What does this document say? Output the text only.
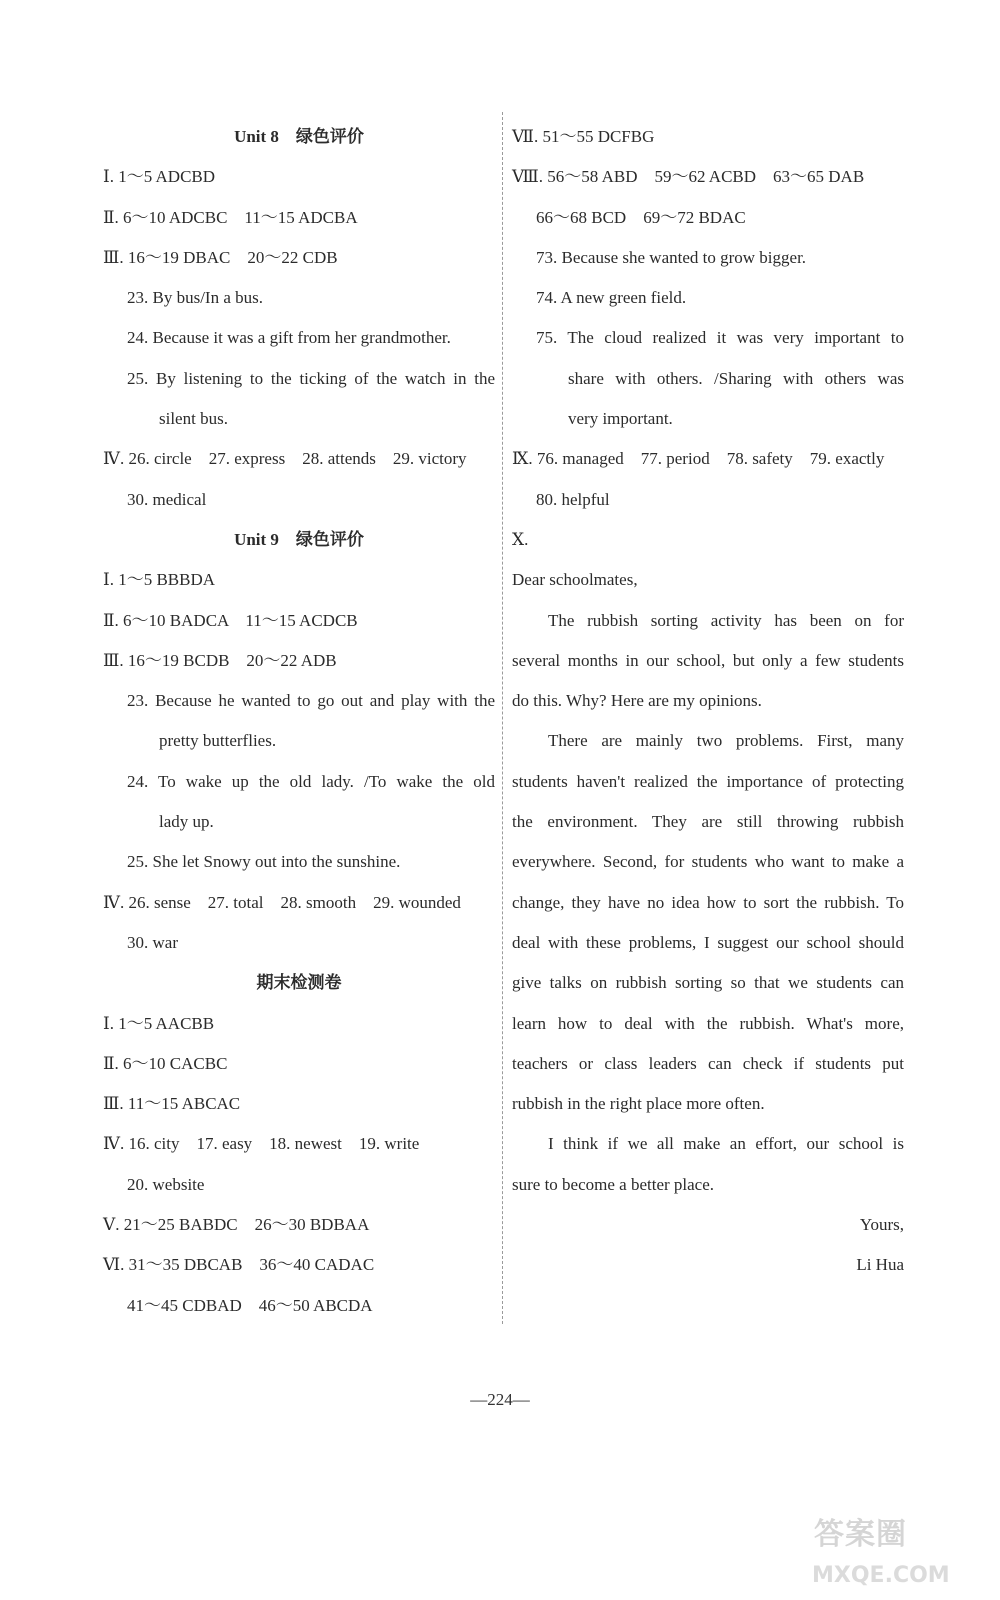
Unit 8　绿色评价
Ⅰ. 1～5 ADCBD
Ⅱ. 6～10 ADCBC　11～15 ADCBA
Ⅲ. 16～19 DBAC　20～22 CDB
23. By bus/In a bus.
24. Because it was a gift from her grandmother.
25. By listening to the ticking of the watch in the
silent bus.
Ⅳ. 26. circle　27. express　28. attends　29. victory
30. medical
Unit 9　绿色评价
Ⅰ. 1～5 BBBDA
Ⅱ. 6～10 BADCA　11～15 ACDCB
Ⅲ. 16～19 BCDB　20～22 ADB
23. Because he wanted to go out and play with the
pretty butterflies.
24. To wake up the old lady. /To wake the old
lady up.
25. She let Snowy out into the sunshine.
Ⅳ. 26. sense　27. total　28. smooth　29. wounded
30. war
期末检测卷
Ⅰ. 1～5 AACBB
Ⅱ. 6～10 CACBC
Ⅲ. 11～15 ABCAC
Ⅳ. 16. city　17. easy　18. newest　19. write
20. website
Ⅴ. 21～25 BABDC　26～30 BDBAA
Ⅵ. 31～35 DBCAB　36～40 CADAC
41～45 CDBAD　46～50 ABCDA
Ⅶ. 51～55 DCFBG
Ⅷ. 56～58 ABD　59～62 ACBD　63～65 DAB
66～68 BCD　69～72 BDAC
73. Because she wanted to grow bigger.
74. A new green field.
75. The cloud realized it was very important to
share with others. /Sharing with others was
very important.
Ⅸ. 76. managed　77. period　78. safety　79. exactly
80. helpful
Ⅹ.
Dear schoolmates,
The rubbish sorting activity has been on for
several months in our school, but only a few students
do this. Why? Here are my opinions.
There are mainly two problems. First, many
students haven't realized the importance of protecting
the environment. They are still throwing rubbish
everywhere. Second, for students who want to make a
change, they have no idea how to sort the rubbish. To
deal with these problems, I suggest our school should
give talks on rubbish sorting so that we students can
learn how to deal with the rubbish. What's more,
teachers or class leaders can check if students put
rubbish in the right place more often.
I think if we all make an effort, our school is
sure to become a better place.
Yours,
Li Hua
—224—
答案圈
MXQE.COM
